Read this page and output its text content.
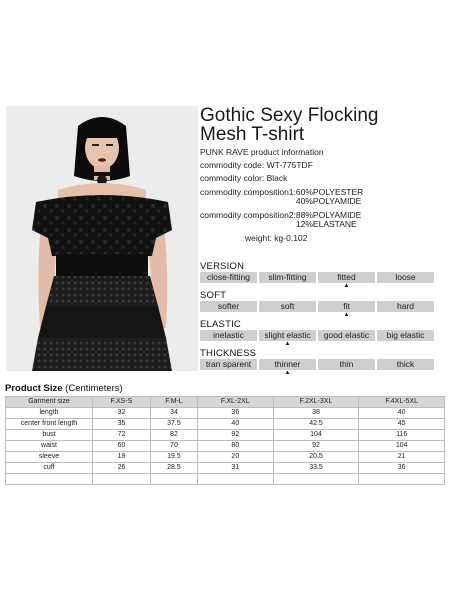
Gothic Sexy Flocking
Mesh T-shirt
PUNK RAVE product information
commodity code: WT-775TDF
commodity color: Black
commodity composition1: 60%POLYESTER
40%POLYAMIDE
commodity composition2: 88%POLYAMIDE
12%ELASTANE
weight: kg-0.102
VERSION
close-fitting	slim-fitting	fitted	loose
▲
SOFT
softer	soft	fit	hard
▲
ELASTIC
inelastic	slight elastic	good elastic	big elastic
▲
THICKNESS
tran sparent	thinner	thin	thick
▲
Product Size (Centimeters)
Garment size	F.XS-S	F.M-L	F.XL-2XL	F.2XL-3XL	F.4XL-5XL
length	32	34	36	38	40
center front length	35	37.5	40	42.5	45
bust	72	82	92	104	116
waist	60	70	80	92	104
sleeve	19	19.5	20	20.5	21
cuff	26	28.5	31	33.5	36
